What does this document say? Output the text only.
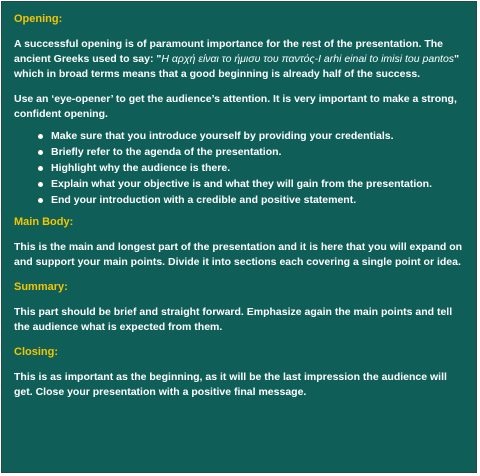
Opening:
A successful opening is of paramount importance for the rest of the presentation. The ancient Greeks used to say: "Η αρχή είναι το ήμισυ του παντός-I arhi einai to imisi tou pantos" which in broad terms means that a good beginning is already half of the success.
Use an ‘eye-opener’ to get the audience’s attention. It is very important to make a strong, confident opening.
Make sure that you introduce yourself by providing your credentials.
Briefly refer to the agenda of the presentation.
Highlight why the audience is there.
Explain what your objective is and what they will gain from the presentation.
End your introduction with a credible and positive statement.
Main Body:
This is the main and longest part of the presentation and it is here that you will expand on and support your main points. Divide it into sections each covering a single point or idea.
Summary:
This part should be brief and straight forward. Emphasize again the main points and tell the audience what is expected from them.
Closing:
This is as important as the beginning, as it will be the last impression the audience will get. Close your presentation with a positive final message.
